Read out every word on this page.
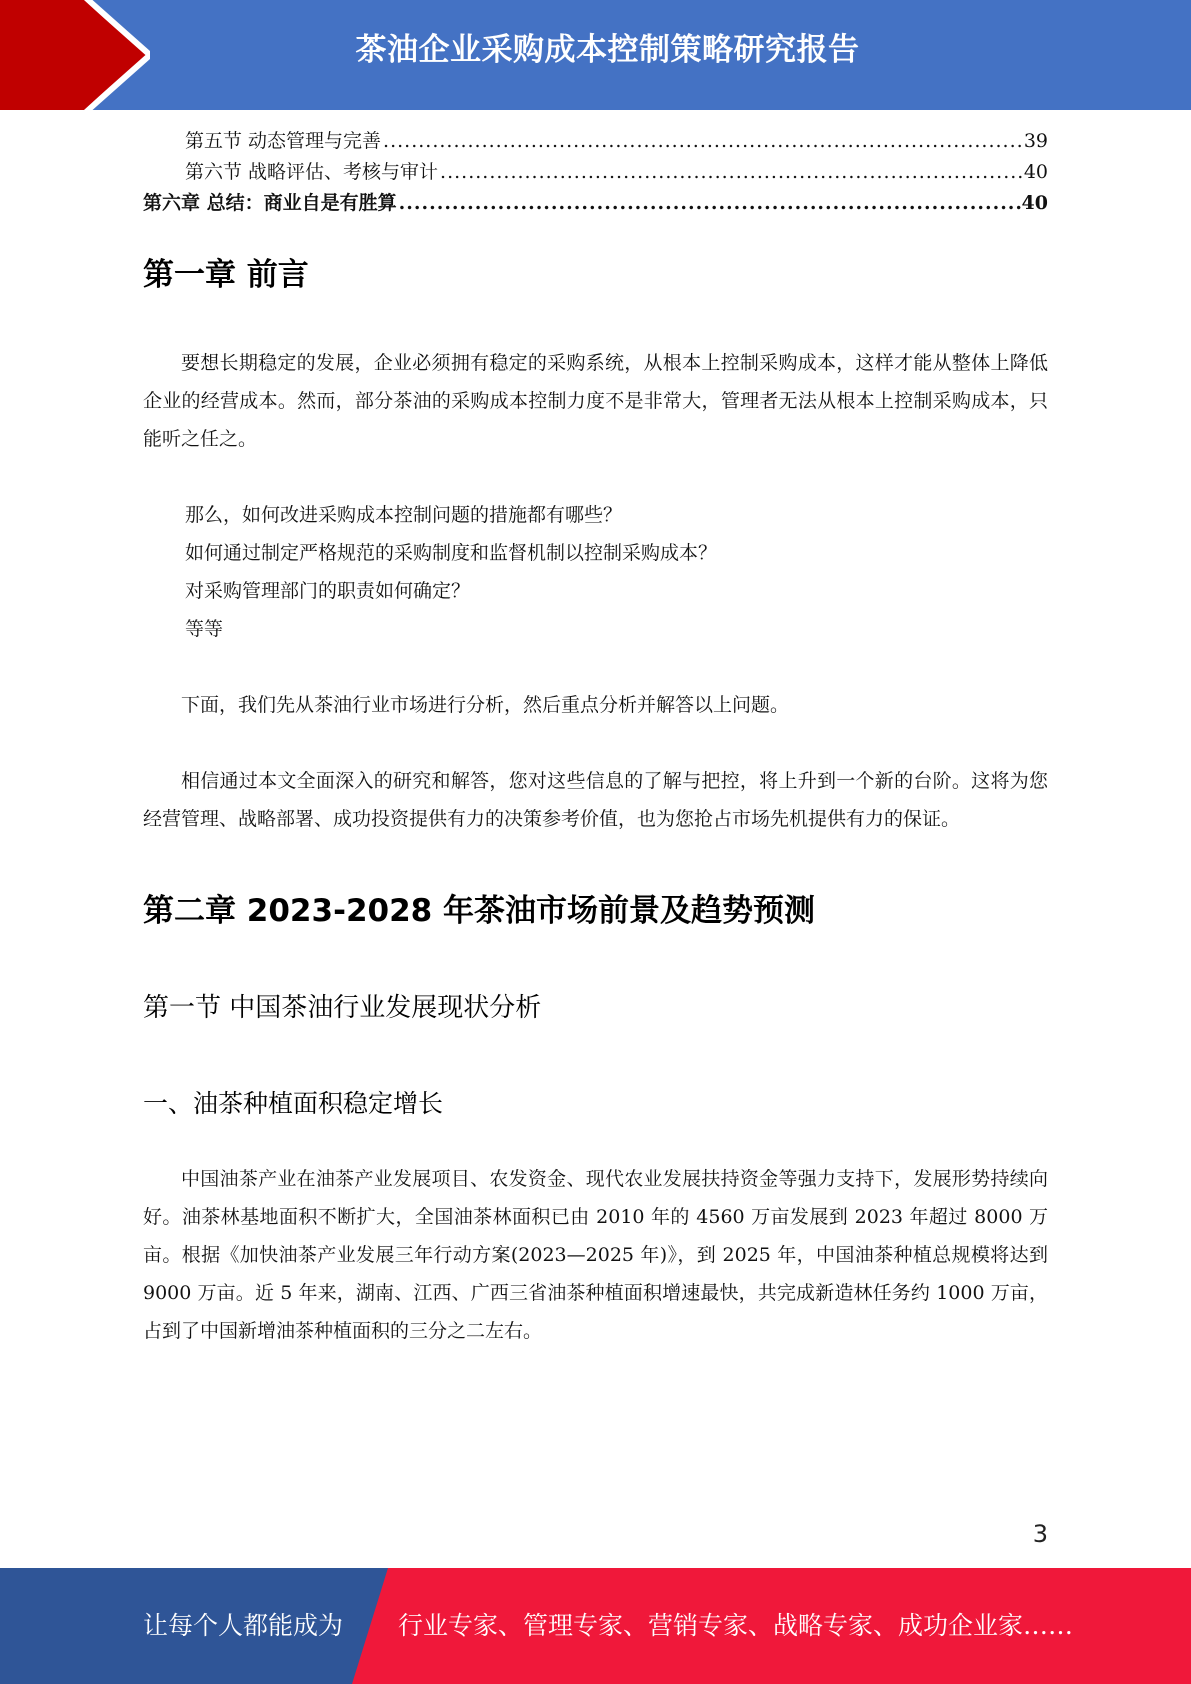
茶油企业采购成本控制策略研究报告
第五节 动态管理与完善 .....	39
第六节 战略评估、考核与审计 .....	40
第六章 总结：商业自是有胜算 .....	40
第一章 前言

要想长期稳定的发展，企业必须拥有稳定的采购系统，从根本上控制采购成本，这样才能从整体上降低企业的经营成本。然而，部分茶油的采购成本控制力度不是非常大，管理者无法从根本上控制采购成本，只能听之任之。

那么，如何改进采购成本控制问题的措施都有哪些？

如何通过制定严格规范的采购制度和监督机制以控制采购成本？

对采购管理部门的职责如何确定？

等等

下面，我们先从茶油行业市场进行分析，然后重点分析并解答以上问题。

相信通过本文全面深入的研究和解答，您对这些信息的了解与把控，将上升到一个新的台阶。这将为您经营管理、战略部署、成功投资提供有力的决策参考价值，也为您抢占市场先机提供有力的保证。

第二章 2023-2028 年茶油市场前景及趋势预测
第一节 中国茶油行业发展现状分析
一、油茶种植面积稳定增长

中国油茶产业在油茶产业发展项目、农发资金、现代农业发展扶持资金等强力支持下，发展形势持续向好。油茶林基地面积不断扩大，全国油茶林面积已由 2010 年的 4560 万亩发展到 2023 年超过 8000 万亩。根据《加快油茶产业发展三年行动方案(2023—2025 年)》，到 2025 年，中国油茶种植总规模将达到 9000 万亩。近 5 年来，湖南、江西、广西三省油茶种植面积增速最快，共完成新造林任务约 1000 万亩，占到了中国新增油茶种植面积的三分之二左右。

3
让每个人都能成为 行业专家、管理专家、营销专家、战略专家、成功企业家……
